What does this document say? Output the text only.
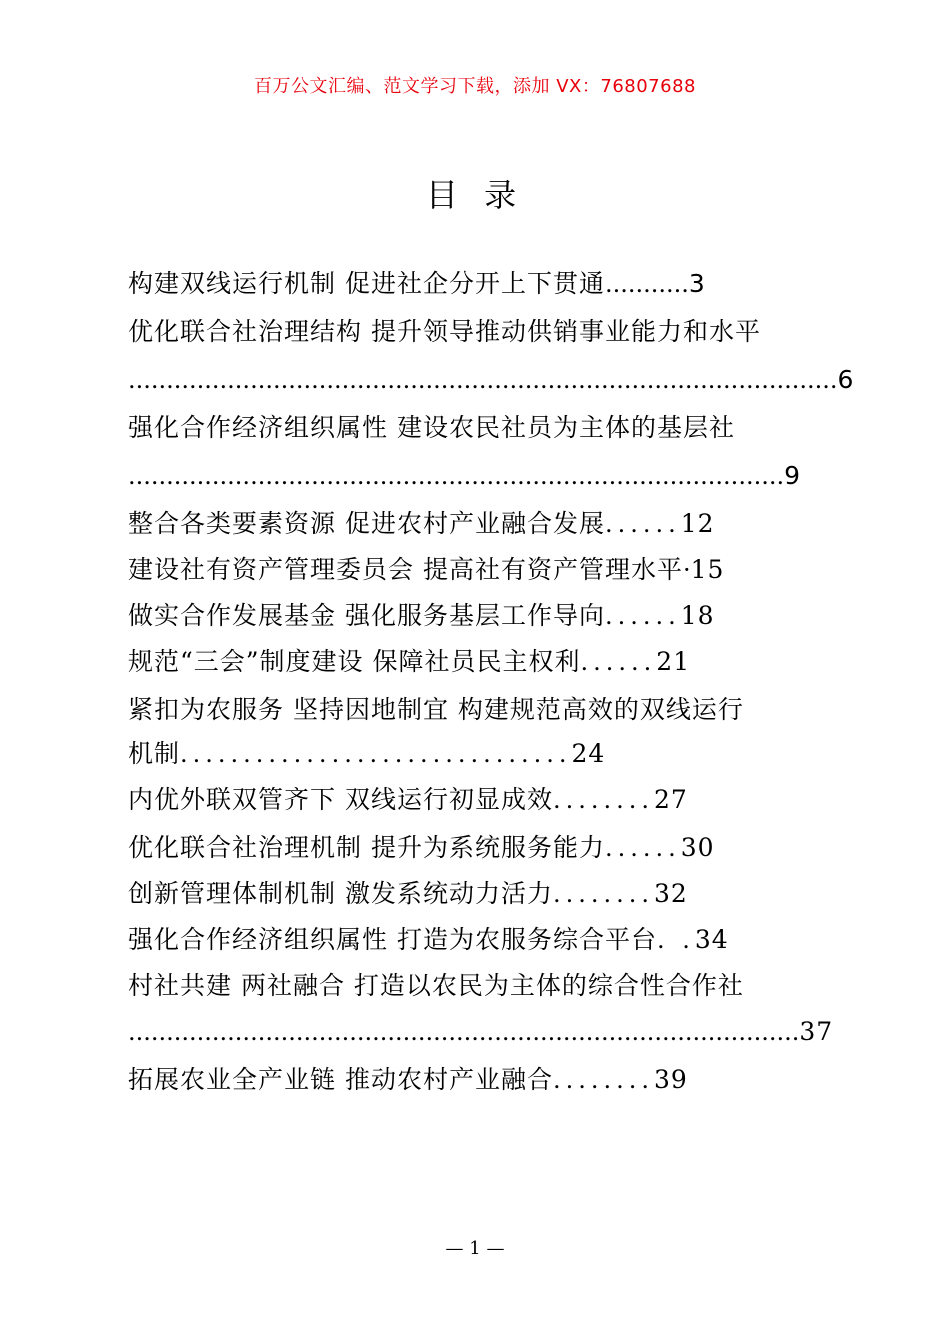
百万公文汇编、范文学习下载，添加 VX：76807688
目 录
构建双线运行机制 促进社企分开上下贯通...........3
优化联合社治理结构 提升领导推动供销事业能力和水平
.............................................................................................6
强化合作经济组织属性 建设农民社员为主体的基层社
......................................................................................9
整合各类要素资源 促进农村产业融合发展......12
建设社有资产管理委员会 提高社有资产管理水平·15
做实合作发展基金 强化服务基层工作导向......18
规范“三会”制度建设 保障社员民主权利......21
紧扣为农服务 坚持因地制宜 构建规范高效的双线运行
机制...............................24
内优外联双管齐下 双线运行初显成效........27
优化联合社治理机制 提升为系统服务能力......30
创新管理体制机制 激发系统动力活力........32
强化合作经济组织属性 打造为农服务综合平台. .34
村社共建 两社融合 打造以农民为主体的综合性合作社
........................................................................................37
拓展农业全产业链 推动农村产业融合........39
— 1 —
